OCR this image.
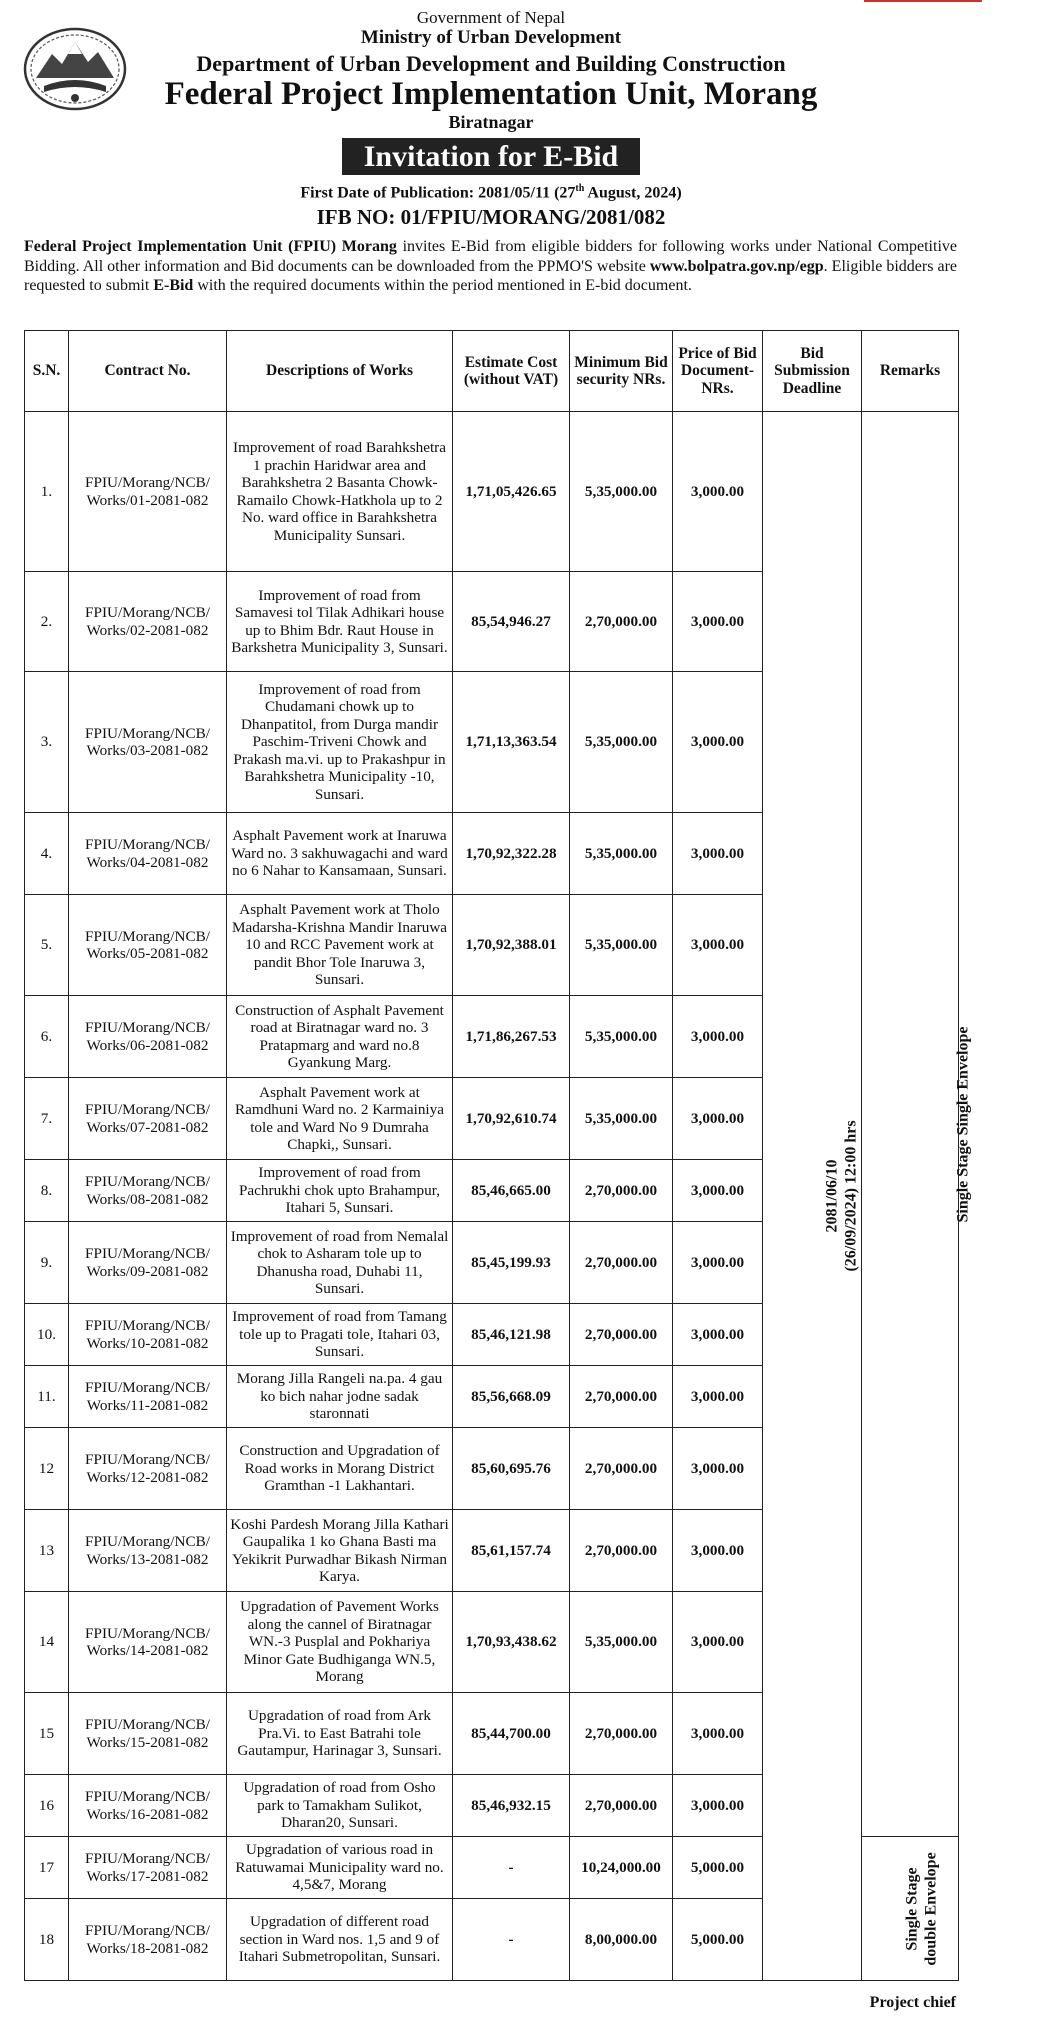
Government of Nepal
Ministry of Urban Development
Department of Urban Development and Building Construction
Federal Project Implementation Unit, Morang
Biratnagar
Invitation for E-Bid
First Date of Publication: 2081/05/11 (27th August, 2024)
IFB NO: 01/FPIU/MORANG/2081/082
Federal Project Implementation Unit (FPIU) Morang invites E-Bid from eligible bidders for following works under National Competitive Bidding. All other information and Bid documents can be downloaded from the PPMO'S website www.bolpatra.gov.np/egp. Eligible bidders are requested to submit E-Bid with the required documents within the period mentioned in E-bid document.
S.N.	Contract No.	Descriptions of Works	Estimate Cost (without VAT)	Minimum Bid security NRs.	Price of Bid Document- NRs.	Bid Submission Deadline	Remarks
1.	FPIU/Morang/NCB/ Works/01-2081-082	Improvement of road Barahkshetra 1 prachin Haridwar area and Barahkshetra 2 Basanta Chowk-Ramailo Chowk-Hatkhola up to 2 No. ward office in Barahkshetra Municipality Sunsari.	1,71,05,426.65	5,35,000.00	3,000.00	2081/06/10 (26/09/2024) 12:00 hrs	Single Stage Single Envelope
2.	FPIU/Morang/NCB/ Works/02-2081-082	Improvement of road from Samavesi tol Tilak Adhikari house up to Bhim Bdr. Raut House in Barkshetra Municipality 3, Sunsari.	85,54,946.27	2,70,000.00	3,000.00		
3.	FPIU/Morang/NCB/ Works/03-2081-082	Improvement of road from Chudamani chowk up to Dhanpatitol, from Durga mandir Paschim-Triveni Chowk and Prakash ma.vi. up to Prakashpur in Barahkshetra Municipality -10, Sunsari.	1,71,13,363.54	5,35,000.00	3,000.00		
4.	FPIU/Morang/NCB/ Works/04-2081-082	Asphalt Pavement work at Inaruwa Ward no. 3 sakhuwagachi and ward no 6 Nahar to Kansamaan, Sunsari.	1,70,92,322.28	5,35,000.00	3,000.00		
5.	FPIU/Morang/NCB/ Works/05-2081-082	Asphalt Pavement work at Tholo Madarsha-Krishna Mandir Inaruwa 10 and RCC Pavement work at pandit Bhor Tole Inaruwa 3, Sunsari.	1,70,92,388.01	5,35,000.00	3,000.00		
6.	FPIU/Morang/NCB/ Works/06-2081-082	Construction of Asphalt Pavement road at Biratnagar ward no. 3 Pratapmarg and ward no.8 Gyankung Marg.	1,71,86,267.53	5,35,000.00	3,000.00		
7.	FPIU/Morang/NCB/ Works/07-2081-082	Asphalt Pavement work at Ramdhuni Ward no. 2 Karmainiya tole and Ward No 9 Dumraha Chapki,, Sunsari.	1,70,92,610.74	5,35,000.00	3,000.00		
8.	FPIU/Morang/NCB/ Works/08-2081-082	Improvement of road from Pachrukhi chok upto Brahampur, Itahari 5, Sunsari.	85,46,665.00	2,70,000.00	3,000.00		
9.	FPIU/Morang/NCB/ Works/09-2081-082	Improvement of road from Nemalal chok to Asharam tole up to Dhanusha road, Duhabi 11, Sunsari.	85,45,199.93	2,70,000.00	3,000.00		
10.	FPIU/Morang/NCB/ Works/10-2081-082	Improvement of road from Tamang tole up to Pragati tole, Itahari 03, Sunsari.	85,46,121.98	2,70,000.00	3,000.00		
11.	FPIU/Morang/NCB/ Works/11-2081-082	Morang Jilla Rangeli na.pa. 4 gau ko bich nahar jodne sadak staronnati	85,56,668.09	2,70,000.00	3,000.00		
12	FPIU/Morang/NCB/ Works/12-2081-082	Construction and Upgradation of Road works in Morang District Gramthan -1 Lakhantari.	85,60,695.76	2,70,000.00	3,000.00		
13	FPIU/Morang/NCB/ Works/13-2081-082	Koshi Pardesh Morang Jilla Kathari Gaupalika 1 ko Ghana Basti ma Yekikrit Purwadhar Bikash Nirman Karya.	85,61,157.74	2,70,000.00	3,000.00		
14	FPIU/Morang/NCB/ Works/14-2081-082	Upgradation of Pavement Works along the cannel of Biratnagar WN.-3 Pusplal and Pokhariya Minor Gate Budhiganga WN.5, Morang	1,70,93,438.62	5,35,000.00	3,000.00		
15	FPIU/Morang/NCB/ Works/15-2081-082	Upgradation of road from Ark Pra.Vi. to East Batrahi tole Gautampur, Harinagar 3, Sunsari.	85,44,700.00	2,70,000.00	3,000.00		
16	FPIU/Morang/NCB/ Works/16-2081-082	Upgradation of road from Osho park to Tamakham Sulikot, Dharan20, Sunsari.	85,46,932.15	2,70,000.00	3,000.00		
17	FPIU/Morang/NCB/ Works/17-2081-082	Upgradation of various road in Ratuwamai Municipality ward no. 4,5&7, Morang	-	10,24,000.00	5,000.00		Single Stage double Envelope

18	FPIU/Morang/NCB/ Works/18-2081-082	Upgradation of different road section in Ward nos. 1,5 and 9 of Itahari Submetropolitan, Sunsari.	-	8,00,000.00	5,000.00		
Project chief
